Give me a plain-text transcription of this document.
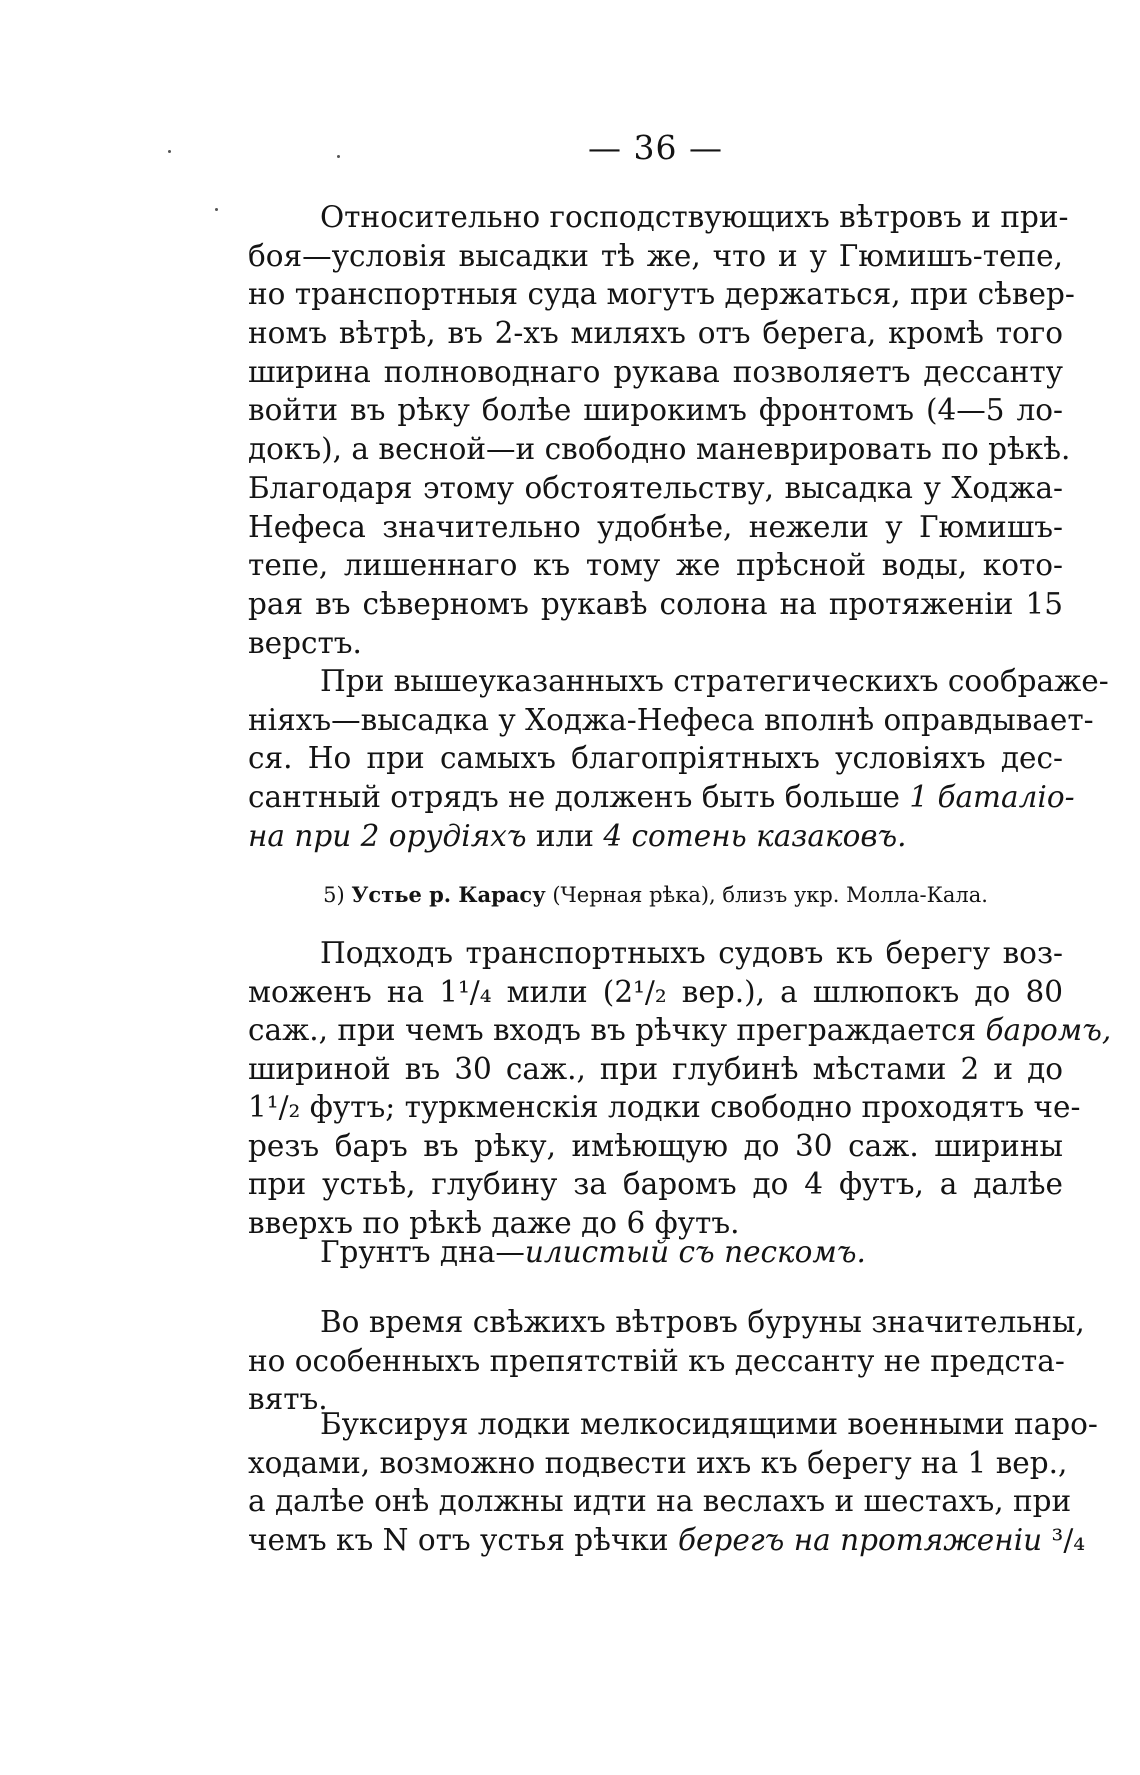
— 36 —
Относительно господствующихъ вѣтровъ и при-
боя—условія высадки тѣ же, что и у Гюмишъ-тепе,
но транспортныя суда могутъ держаться, при сѣвер-
номъ вѣтрѣ, въ 2-хъ миляхъ отъ берега, кромѣ того
ширина полноводнаго рукава позволяетъ дессанту
войти въ рѣку болѣе широкимъ фронтомъ (4—5 ло-
докъ), а весной—и свободно маневрировать по рѣкѣ.
Благодаря этому обстоятельству, высадка у Ходжа-
Нефеса значительно удобнѣе, нежели у Гюмишъ-
тепе, лишеннаго къ тому же прѣсной воды, кото-
рая въ сѣверномъ рукавѣ солона на протяженіи 15
верстъ.
При вышеуказанныхъ стратегическихъ соображе-
ніяхъ—высадка у Ходжа-Нефеса вполнѣ оправдывает-
ся. Но при самыхъ благопріятныхъ условіяхъ дес-
сантный отрядъ не долженъ быть больше 1 баталіо-
на при 2 орудіяхъ или 4 сотень казаковъ.
5) Устье р. Карасу (Черная рѣка), близъ укр. Молла-Кала.
Подходъ транспортныхъ судовъ къ берегу воз-
моженъ на 1¹/₄ мили (2¹/₂ вер.), а шлюпокъ до 80
саж., при чемъ входъ въ рѣчку преграждается баромъ,
шириной въ 30 саж., при глубинѣ мѣстами 2 и до
1¹/₂ футъ; туркменскія лодки свободно проходятъ че-
резъ баръ въ рѣку, имѣющую до 30 саж. ширины
при устьѣ, глубину за баромъ до 4 футъ, а далѣе
вверхъ по рѣкѣ даже до 6 футъ.
Грунтъ дна—илистый съ пескомъ.
Во время свѣжихъ вѣтровъ буруны значительны,
но особенныхъ препятствій къ дессанту не предста-
вятъ.
Буксируя лодки мелкосидящими военными паро-
ходами, возможно подвести ихъ къ берегу на 1 вер.,
а далѣе онѣ должны идти на веслахъ и шестахъ, при
чемъ къ N отъ устья рѣчки берегъ на протяженіи ³/₄
